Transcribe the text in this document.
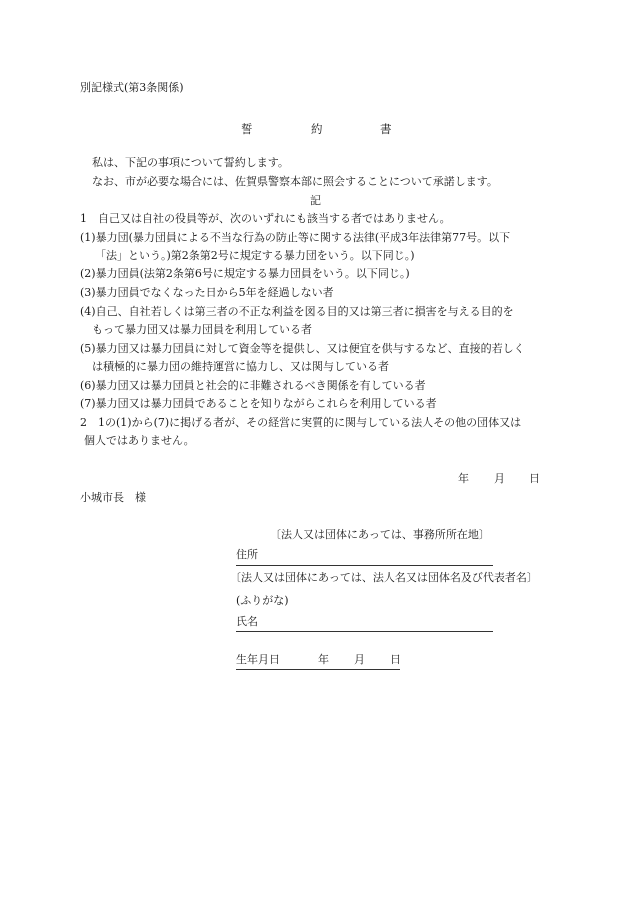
別記様式(第3条関係)
誓	約	書
私は、下記の事項について誓約します。
なお、市が必要な場合には、佐賀県警察本部に照会することについて承諾します。
記
1　自己又は自社の役員等が、次のいずれにも該当する者ではありません。
(1)暴力団(暴力団員による不当な行為の防止等に関する法律(平成3年法律第77号。以下
「法」という。)第2条第2号に規定する暴力団をいう。以下同じ。)
(2)暴力団員(法第2条第6号に規定する暴力団員をいう。以下同じ。)
(3)暴力団員でなくなった日から5年を経過しない者
(4)自己、自社若しくは第三者の不正な利益を図る目的又は第三者に損害を与える目的を
もって暴力団又は暴力団員を利用している者
(5)暴力団又は暴力団員に対して資金等を提供し、又は便宜を供与するなど、直接的若しく
は積極的に暴力団の維持運営に協力し、又は関与している者
(6)暴力団又は暴力団員と社会的に非難されるべき関係を有している者
(7)暴力団又は暴力団員であることを知りながらこれらを利用している者
2　1の(1)から(7)に掲げる者が、その経営に実質的に関与している法人その他の団体又は
個人ではありません。
年 月 日
小城市長　様
〔法人又は団体にあっては、事務所所在地〕
住所
〔法人又は団体にあっては、法人名又は団体名及び代表者名〕
(ふりがな)
氏名
生年月日	年 月 日
